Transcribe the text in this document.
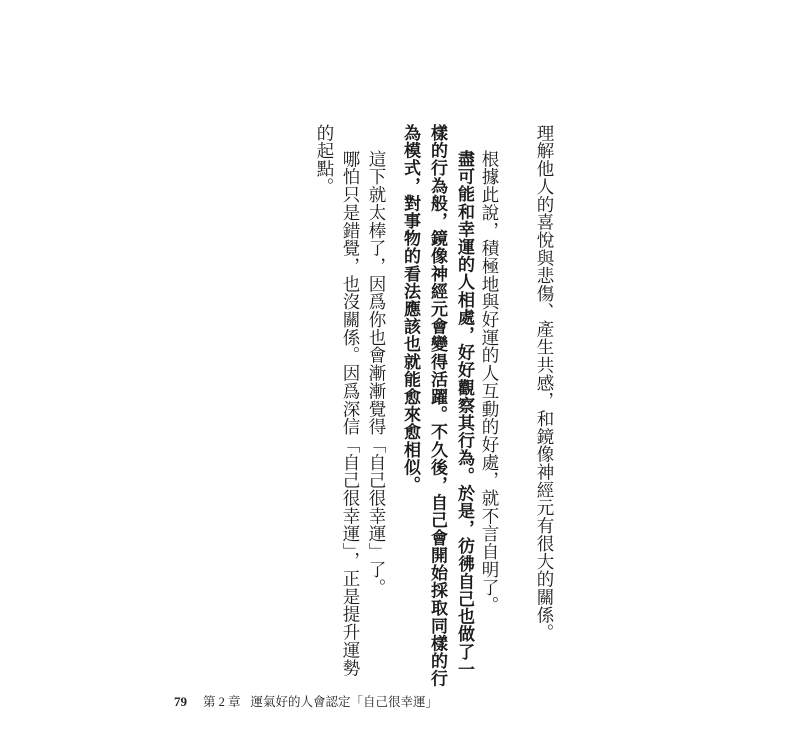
理解他人的喜悅與悲傷、產生共感，和鏡像神經元有很大的關係。
根據此說，積極地與好運的人互動的好處，就不言自明了。
盡可能和幸運的人相處，好好觀察其行為。於是，彷彿自己也做了一
樣的行為般，鏡像神經元會變得活躍。不久後，自己會開始採取同樣的行
為模式，對事物的看法應該也就能愈來愈相似。
這下就太棒了，因爲你也會漸漸覺得「自己很幸運」了。
哪怕只是錯覺，也沒關係。因爲深信「自己很幸運」，正是提升運勢
的起點。
79 第 2 章 運氣好的人會認定「自己很幸運」
